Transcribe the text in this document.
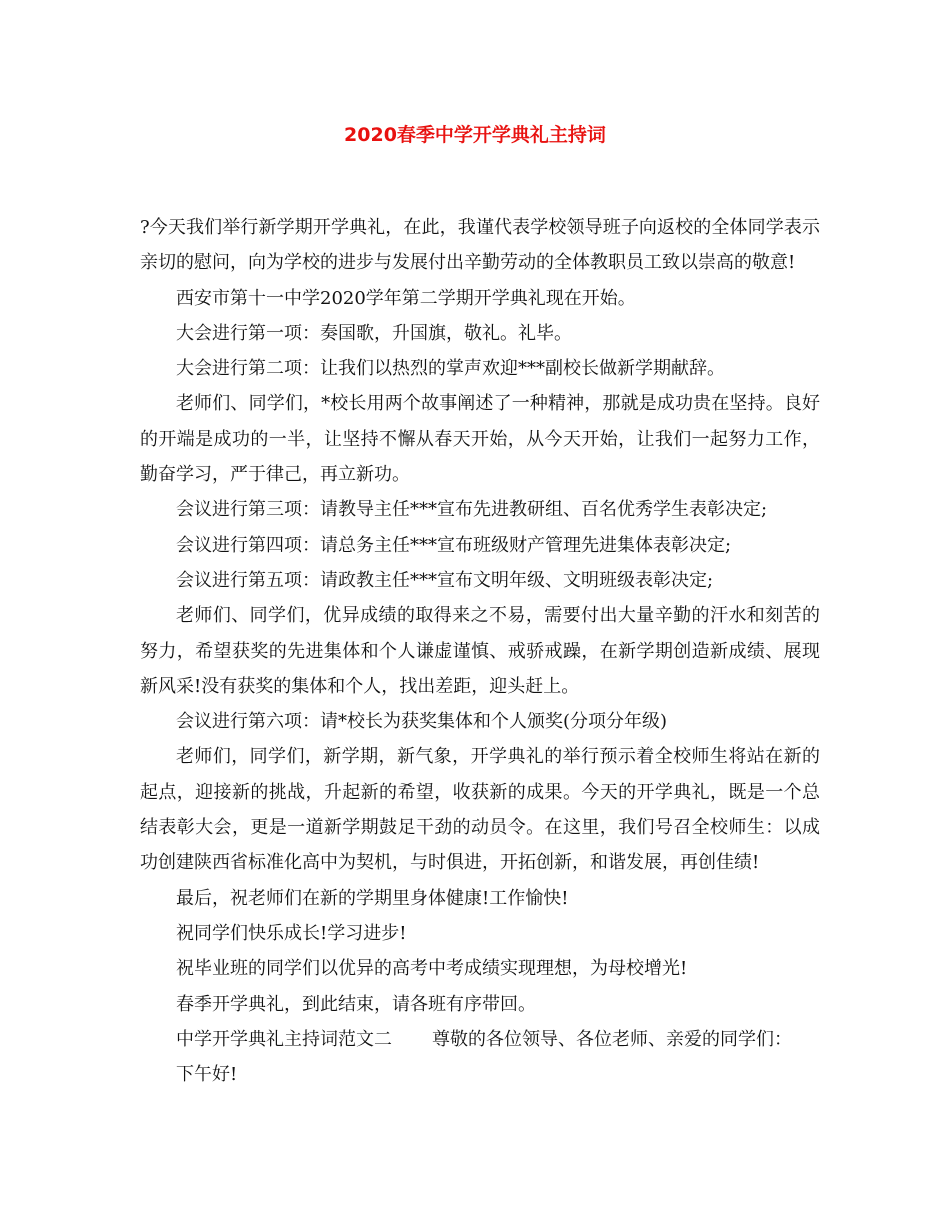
2020春季中学开学典礼主持词

?今天我们举行新学期开学典礼，在此，我谨代表学校领导班子向返校的全体同学表示亲切的慰问，向为学校的进步与发展付出辛勤劳动的全体教职员工致以崇高的敬意!

西安市第十一中学2020学年第二学期开学典礼现在开始。

大会进行第一项：奏国歌，升国旗，敬礼。礼毕。

大会进行第二项：让我们以热烈的掌声欢迎***副校长做新学期献辞。

老师们、同学们，*校长用两个故事阐述了一种精神，那就是成功贵在坚持。良好的开端是成功的一半，让坚持不懈从春天开始，从今天开始，让我们一起努力工作，勤奋学习，严于律己，再立新功。

会议进行第三项：请教导主任***宣布先进教研组、百名优秀学生表彰决定;

会议进行第四项：请总务主任***宣布班级财产管理先进集体表彰决定;

会议进行第五项：请政教主任***宣布文明年级、文明班级表彰决定;

老师们、同学们，优异成绩的取得来之不易，需要付出大量辛勤的汗水和刻苦的努力，希望获奖的先进集体和个人谦虚谨慎、戒骄戒躁，在新学期创造新成绩、展现新风采!没有获奖的集体和个人，找出差距，迎头赶上。

会议进行第六项：请*校长为获奖集体和个人颁奖(分项分年级)

老师们，同学们，新学期，新气象，开学典礼的举行预示着全校师生将站在新的起点，迎接新的挑战，升起新的希望，收获新的成果。今天的开学典礼，既是一个总结表彰大会，更是一道新学期鼓足干劲的动员令。在这里，我们号召全校师生：以成功创建陕西省标准化高中为契机，与时俱进，开拓创新，和谐发展，再创佳绩!

最后，祝老师们在新的学期里身体健康!工作愉快!

祝同学们快乐成长!学习进步!

祝毕业班的同学们以优异的高考中考成绩实现理想，为母校增光!

春季开学典礼，到此结束，请各班有序带回。

中学开学典礼主持词范文二 尊敬的各位领导、各位老师、亲爱的同学们：

下午好!
